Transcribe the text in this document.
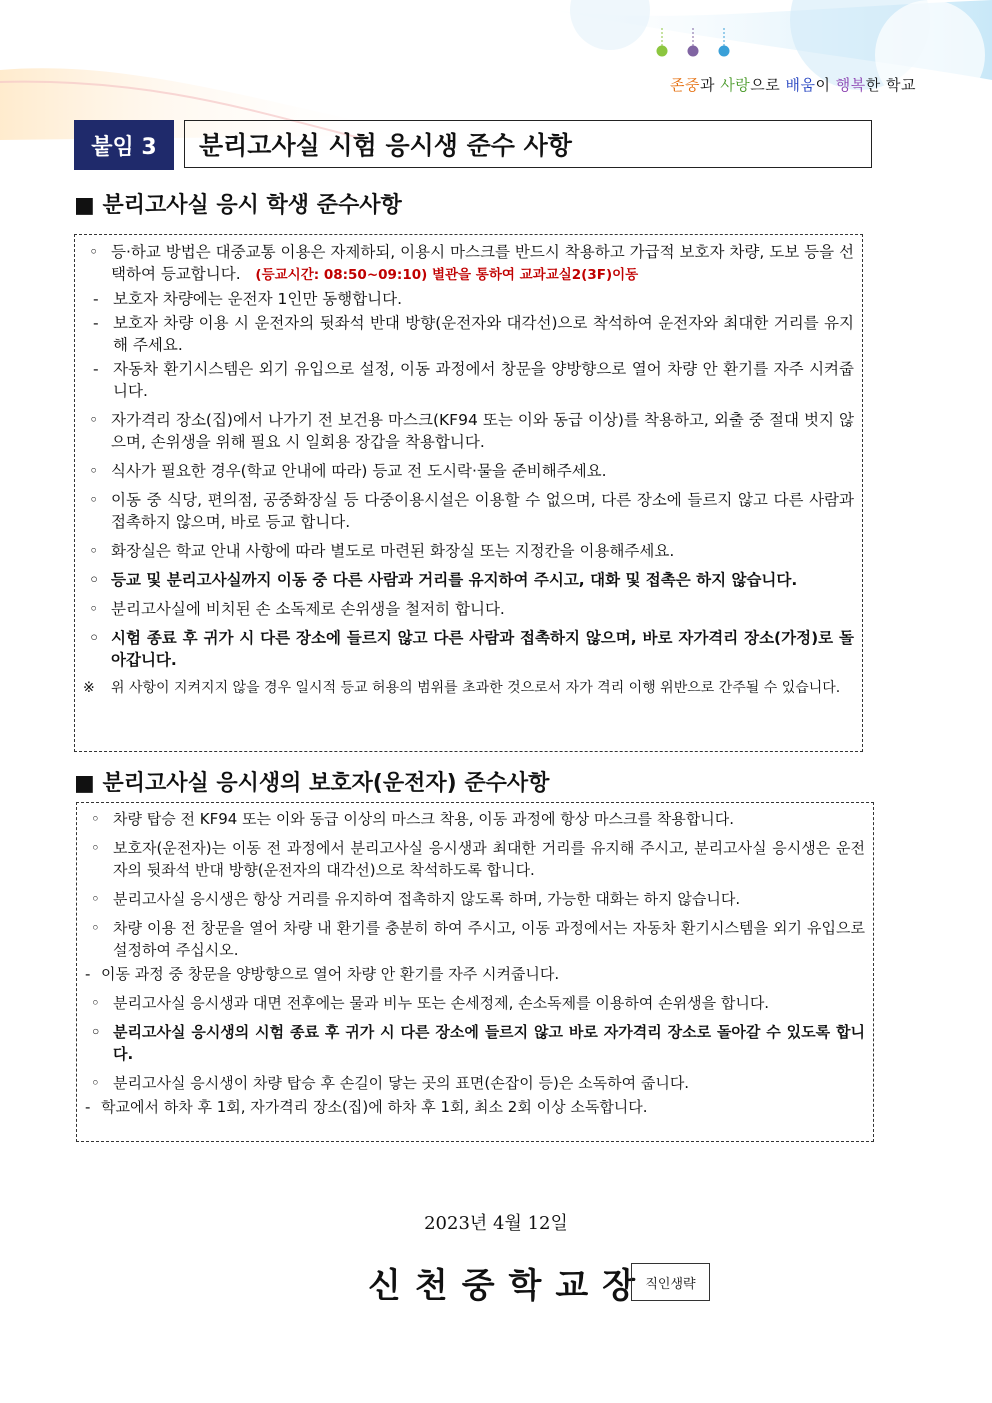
존중과 사랑으로 배움이 행복한 학교
붙임 3	분리고사실 시험 응시생 준수 사항
■ 분리고사실 응시 학생 준수사항
◦ 등·하교 방법은 대중교통 이용은 자제하되, 이용시 마스크를 반드시 착용하고 가급적 보호자 차량, 도보 등을 선택하여 등교합니다. (등교시간: 08:50~09:10) 별관을 통하여 교과교실2(3F)이동
- 보호자 차량에는 운전자 1인만 동행합니다.
- 보호자 차량 이용 시 운전자의 뒷좌석 반대 방향(운전자와 대각선)으로 착석하여 운전자와 최대한 거리를 유지해 주세요.
- 자동차 환기시스템은 외기 유입으로 설정, 이동 과정에서 창문을 양방향으로 열어 차량 안 환기를 자주 시켜줍니다.
◦ 자가격리 장소(집)에서 나가기 전 보건용 마스크(KF94 또는 이와 동급 이상)를 착용하고, 외출 중 절대 벗지 않으며, 손위생을 위해 필요 시 일회용 장갑을 착용합니다.
◦ 식사가 필요한 경우(학교 안내에 따라) 등교 전 도시락·물을 준비해주세요.
◦ 이동 중 식당, 편의점, 공중화장실 등 다중이용시설은 이용할 수 없으며, 다른 장소에 들르지 않고 다른 사람과 접촉하지 않으며, 바로 등교 합니다.
◦ 화장실은 학교 안내 사항에 따라 별도로 마련된 화장실 또는 지정칸을 이용해주세요.
◦ 등교 및 분리고사실까지 이동 중 다른 사람과 거리를 유지하여 주시고, 대화 및 접촉은 하지 않습니다.
◦ 분리고사실에 비치된 손 소독제로 손위생을 철저히 합니다.
◦ 시험 종료 후 귀가 시 다른 장소에 들르지 않고 다른 사람과 접촉하지 않으며, 바로 자가격리 장소(가정)로 돌아갑니다.
※ 위 사항이 지켜지지 않을 경우 일시적 등교 허용의 범위를 초과한 것으로서 자가 격리 이행 위반으로 간주될 수 있습니다.
■ 분리고사실 응시생의 보호자(운전자) 준수사항
◦ 차량 탑승 전 KF94 또는 이와 동급 이상의 마스크 착용, 이동 과정에 항상 마스크를 착용합니다.
◦ 보호자(운전자)는 이동 전 과정에서 분리고사실 응시생과 최대한 거리를 유지해 주시고, 분리고사실 응시생은 운전자의 뒷좌석 반대 방향(운전자의 대각선)으로 착석하도록 합니다.
◦ 분리고사실 응시생은 항상 거리를 유지하여 접촉하지 않도록 하며, 가능한 대화는 하지 않습니다.
◦ 차량 이용 전 창문을 열어 차량 내 환기를 충분히 하여 주시고, 이동 과정에서는 자동차 환기시스템을 외기 유입으로 설정하여 주십시오.
- 이동 과정 중 창문을 양방향으로 열어 차량 안 환기를 자주 시켜줍니다.
◦ 분리고사실 응시생과 대면 전후에는 물과 비누 또는 손세정제, 손소독제를 이용하여 손위생을 합니다.
◦ 분리고사실 응시생의 시험 종료 후 귀가 시 다른 장소에 들르지 않고 바로 자가격리 장소로 돌아갈 수 있도록 합니다.
◦ 분리고사실 응시생이 차량 탑승 후 손길이 닿는 곳의 표면(손잡이 등)은 소독하여 줍니다.
- 학교에서 하차 후 1회, 자가격리 장소(집)에 하차 후 1회, 최소 2회 이상 소독합니다.
2023년 4월 12일
신천중학교장
직인생략
